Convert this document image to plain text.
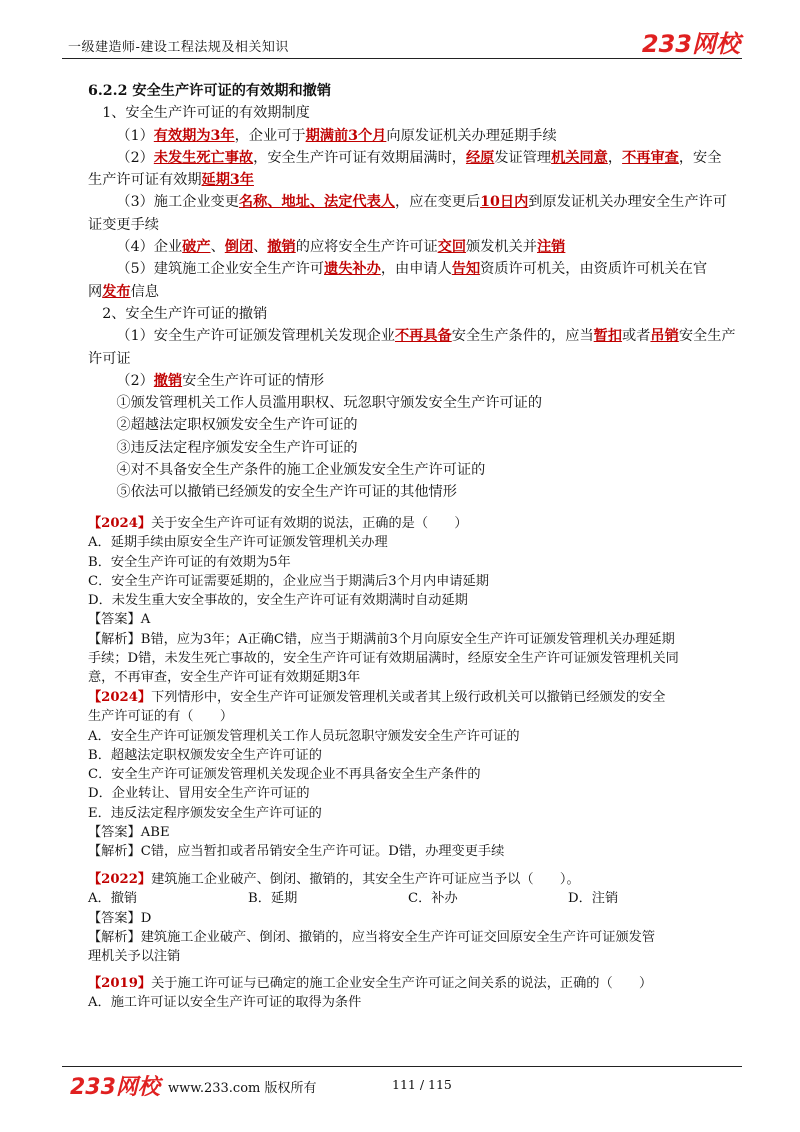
一级建造师-建设工程法规及相关知识	233网校

6.2.2 安全生产许可证的有效期和撤销

1、安全生产许可证的有效期制度

（1）有效期为3年，企业可于期满前3个月向原发证机关办理延期手续

（2）未发生死亡事故，安全生产许可证有效期届满时，经原发证管理机关同意，不再审查，安全

生产许可证有效期延期3年

（3）施工企业变更名称、地址、法定代表人，应在变更后10日内到原发证机关办理安全生产许可

证变更手续

（4）企业破产、倒闭、撤销的应将安全生产许可证交回颁发机关并注销

（5）建筑施工企业安全生产许可遗失补办，由申请人告知资质许可机关，由资质许可机关在官

网发布信息

2、安全生产许可证的撤销

（1）安全生产许可证颁发管理机关发现企业不再具备安全生产条件的，应当暂扣或者吊销安全生产

许可证

（2）撤销安全生产许可证的情形

①颁发管理机关工作人员滥用职权、玩忽职守颁发安全生产许可证的

②超越法定职权颁发安全生产许可证的

③违反法定程序颁发安全生产许可证的

④对不具备安全生产条件的施工企业颁发安全生产许可证的

⑤依法可以撤销已经颁发的安全生产许可证的其他情形

【2024】关于安全生产许可证有效期的说法，正确的是（　　）

A．延期手续由原安全生产许可证颁发管理机关办理

B．安全生产许可证的有效期为5年

C．安全生产许可证需要延期的，企业应当于期满后3个月内申请延期

D．未发生重大安全事故的，安全生产许可证有效期满时自动延期

【答案】A

【解析】B错，应为3年；A正确C错，应当于期满前3个月向原安全生产许可证颁发管理机关办理延期

手续；D错，未发生死亡事故的，安全生产许可证有效期届满时，经原安全生产许可证颁发管理机关同

意，不再审查，安全生产许可证有效期延期3年

【2024】下列情形中，安全生产许可证颁发管理机关或者其上级行政机关可以撤销已经颁发的安全

生产许可证的有（　　）

A．安全生产许可证颁发管理机关工作人员玩忽职守颁发安全生产许可证的

B．超越法定职权颁发安全生产许可证的

C．安全生产许可证颁发管理机关发现企业不再具备安全生产条件的

D．企业转让、冒用安全生产许可证的

E．违反法定程序颁发安全生产许可证的

【答案】ABE

【解析】C错，应当暂扣或者吊销安全生产许可证。D错，办理变更手续

【2022】建筑施工企业破产、倒闭、撤销的，其安全生产许可证应当予以（　　）。

A．撤销	B．延期	C．补办	D．注销

【答案】D

【解析】建筑施工企业破产、倒闭、撤销的，应当将安全生产许可证交回原安全生产许可证颁发管

理机关予以注销

【2019】关于施工许可证与已确定的施工企业安全生产许可证之间关系的说法，正确的（　　）

A．施工许可证以安全生产许可证的取得为条件

233网校 www.233.com 版权所有	111 / 115
